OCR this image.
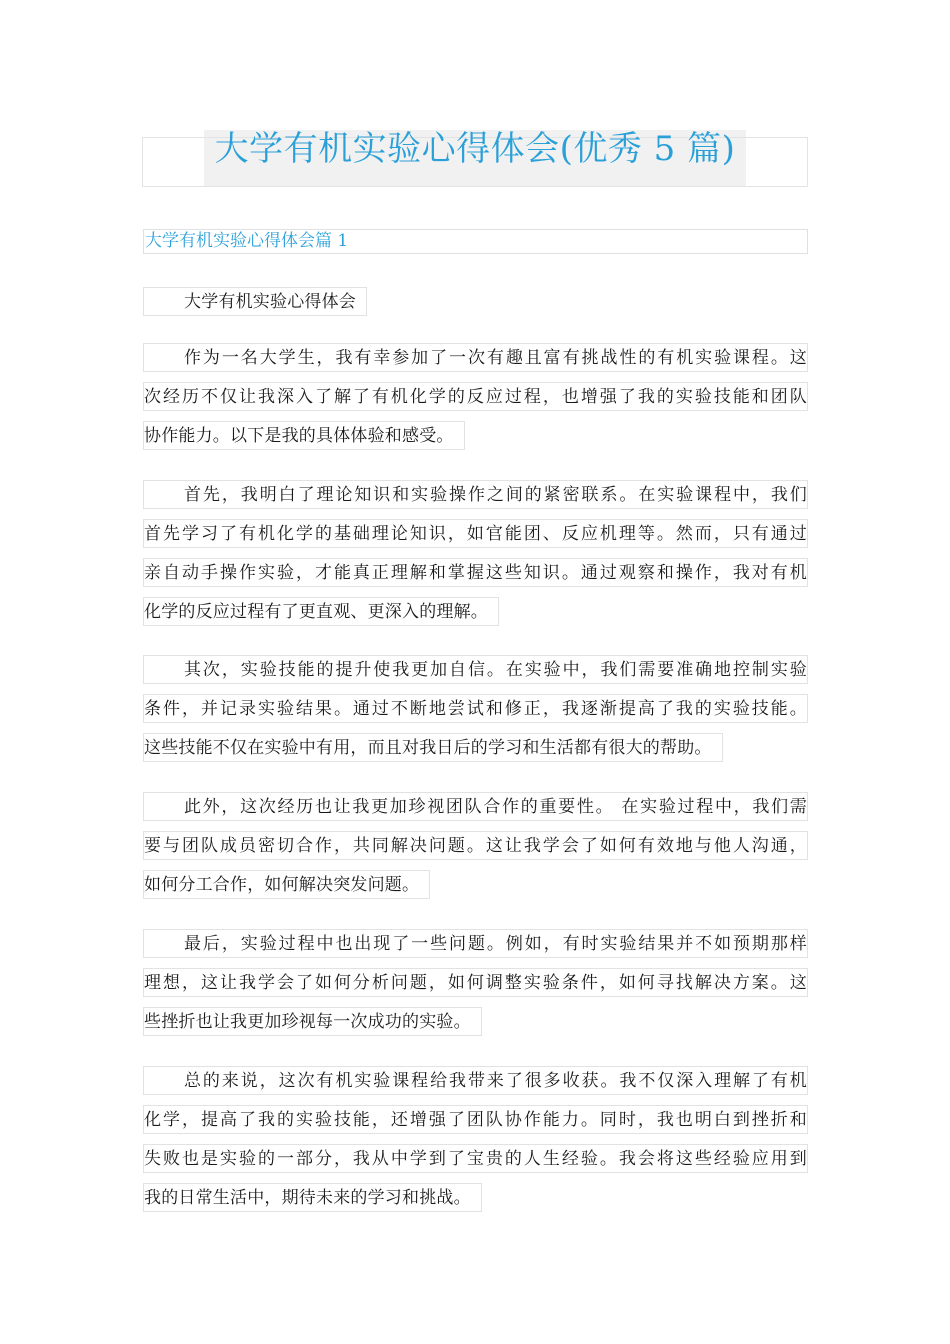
大学有机实验心得体会(优秀 5 篇)
大学有机实验心得体会篇 1
大学有机实验心得体会
作为一名大学生，我有幸参加了一次有趣且富有挑战性的有机实验课程。这
次经历不仅让我深入了解了有机化学的反应过程，也增强了我的实验技能和团队
协作能力。以下是我的具体体验和感受。
首先，我明白了理论知识和实验操作之间的紧密联系。在实验课程中，我们
首先学习了有机化学的基础理论知识，如官能团、反应机理等。然而，只有通过
亲自动手操作实验，才能真正理解和掌握这些知识。通过观察和操作，我对有机
化学的反应过程有了更直观、更深入的理解。
其次，实验技能的提升使我更加自信。在实验中，我们需要准确地控制实验
条件，并记录实验结果。通过不断地尝试和修正，我逐渐提高了我的实验技能。
这些技能不仅在实验中有用，而且对我日后的学习和生活都有很大的帮助。
此外，这次经历也让我更加珍视团队合作的重要性。 在实验过程中，我们需
要与团队成员密切合作，共同解决问题。这让我学会了如何有效地与他人沟通，
如何分工合作，如何解决突发问题。
最后，实验过程中也出现了一些问题。例如，有时实验结果并不如预期那样
理想，这让我学会了如何分析问题，如何调整实验条件，如何寻找解决方案。这
些挫折也让我更加珍视每一次成功的实验。
总的来说，这次有机实验课程给我带来了很多收获。我不仅深入理解了有机
化学，提高了我的实验技能，还增强了团队协作能力。同时，我也明白到挫折和
失败也是实验的一部分，我从中学到了宝贵的人生经验。我会将这些经验应用到
我的日常生活中，期待未来的学习和挑战。
